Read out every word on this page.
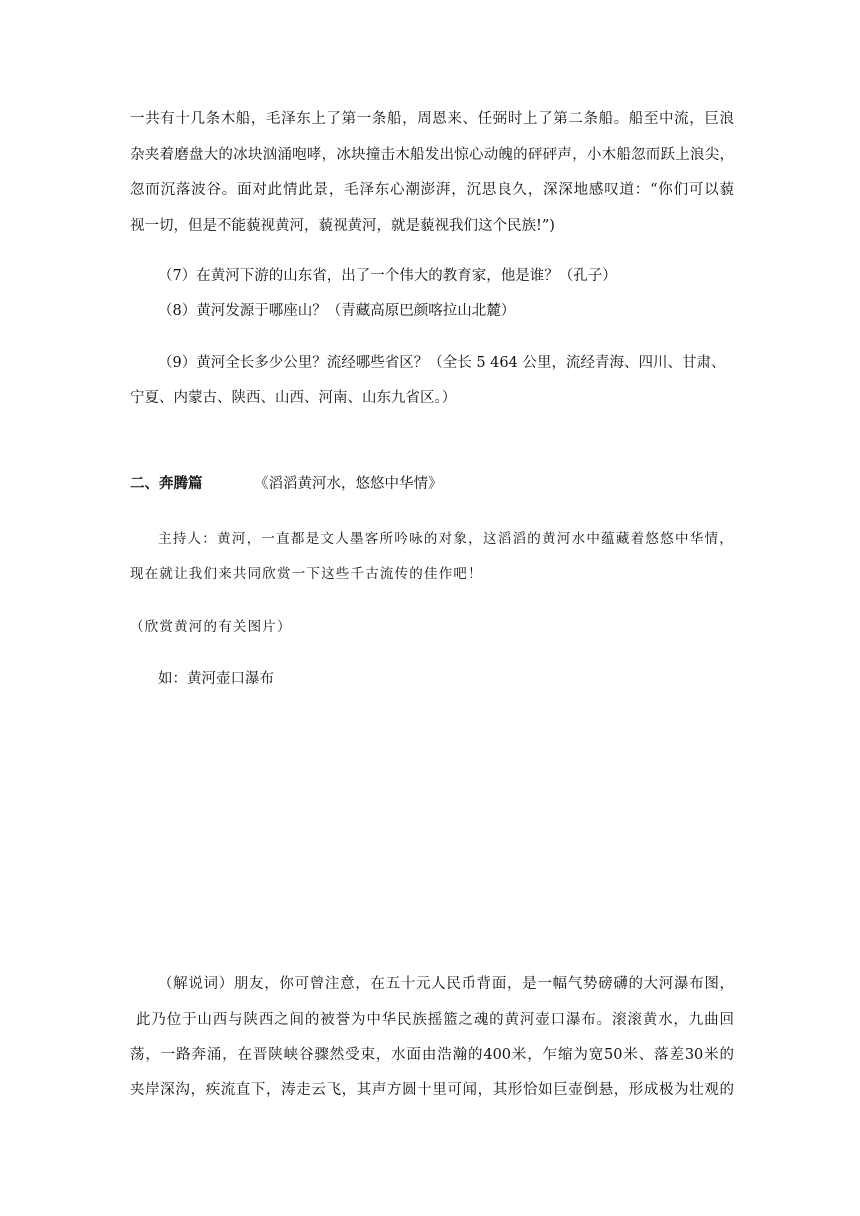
一共有十几条木船，毛泽东上了第一条船，周恩来、任弼时上了第二条船。船至中流，巨浪
杂夹着磨盘大的冰块汹涌咆哮，冰块撞击木船发出惊心动魄的砰砰声，小木船忽而跃上浪尖，
忽而沉落波谷。面对此情此景，毛泽东心潮澎湃，沉思良久，深深地感叹道：“你们可以藐
视一切，但是不能藐视黄河，藐视黄河，就是藐视我们这个民族!”)
（7）在黄河下游的山东省，出了一个伟大的教育家，他是谁？（孔子）
（8）黄河发源于哪座山？（青藏高原巴颜喀拉山北麓）
（9）黄河全长多少公里？流经哪些省区？（全长 5 464 公里，流经青海、四川、甘肃、
宁夏、内蒙古、陕西、山西、河南、山东九省区。）
二、奔腾篇	《滔滔黄河水，悠悠中华情》
主持人：黄河，一直都是文人墨客所吟咏的对象，这滔滔的黄河水中蕴藏着悠悠中华情，
现在就让我们来共同欣赏一下这些千古流传的佳作吧！
（欣赏黄河的有关图片）
如：黄河壶口瀑布
（解说词）朋友，你可曾注意，在五十元人民币背面，是一幅气势磅礴的大河瀑布图，
此乃位于山西与陕西之间的被誉为中华民族摇篮之魂的黄河壶口瀑布。滚滚黄水，九曲回
荡，一路奔涌，在晋陕峡谷骤然受束，水面由浩瀚的400米，乍缩为宽50米、落差30米的
夹岸深沟，疾流直下，涛走云飞，其声方圆十里可闻，其形恰如巨壶倒悬，形成极为壮观的
